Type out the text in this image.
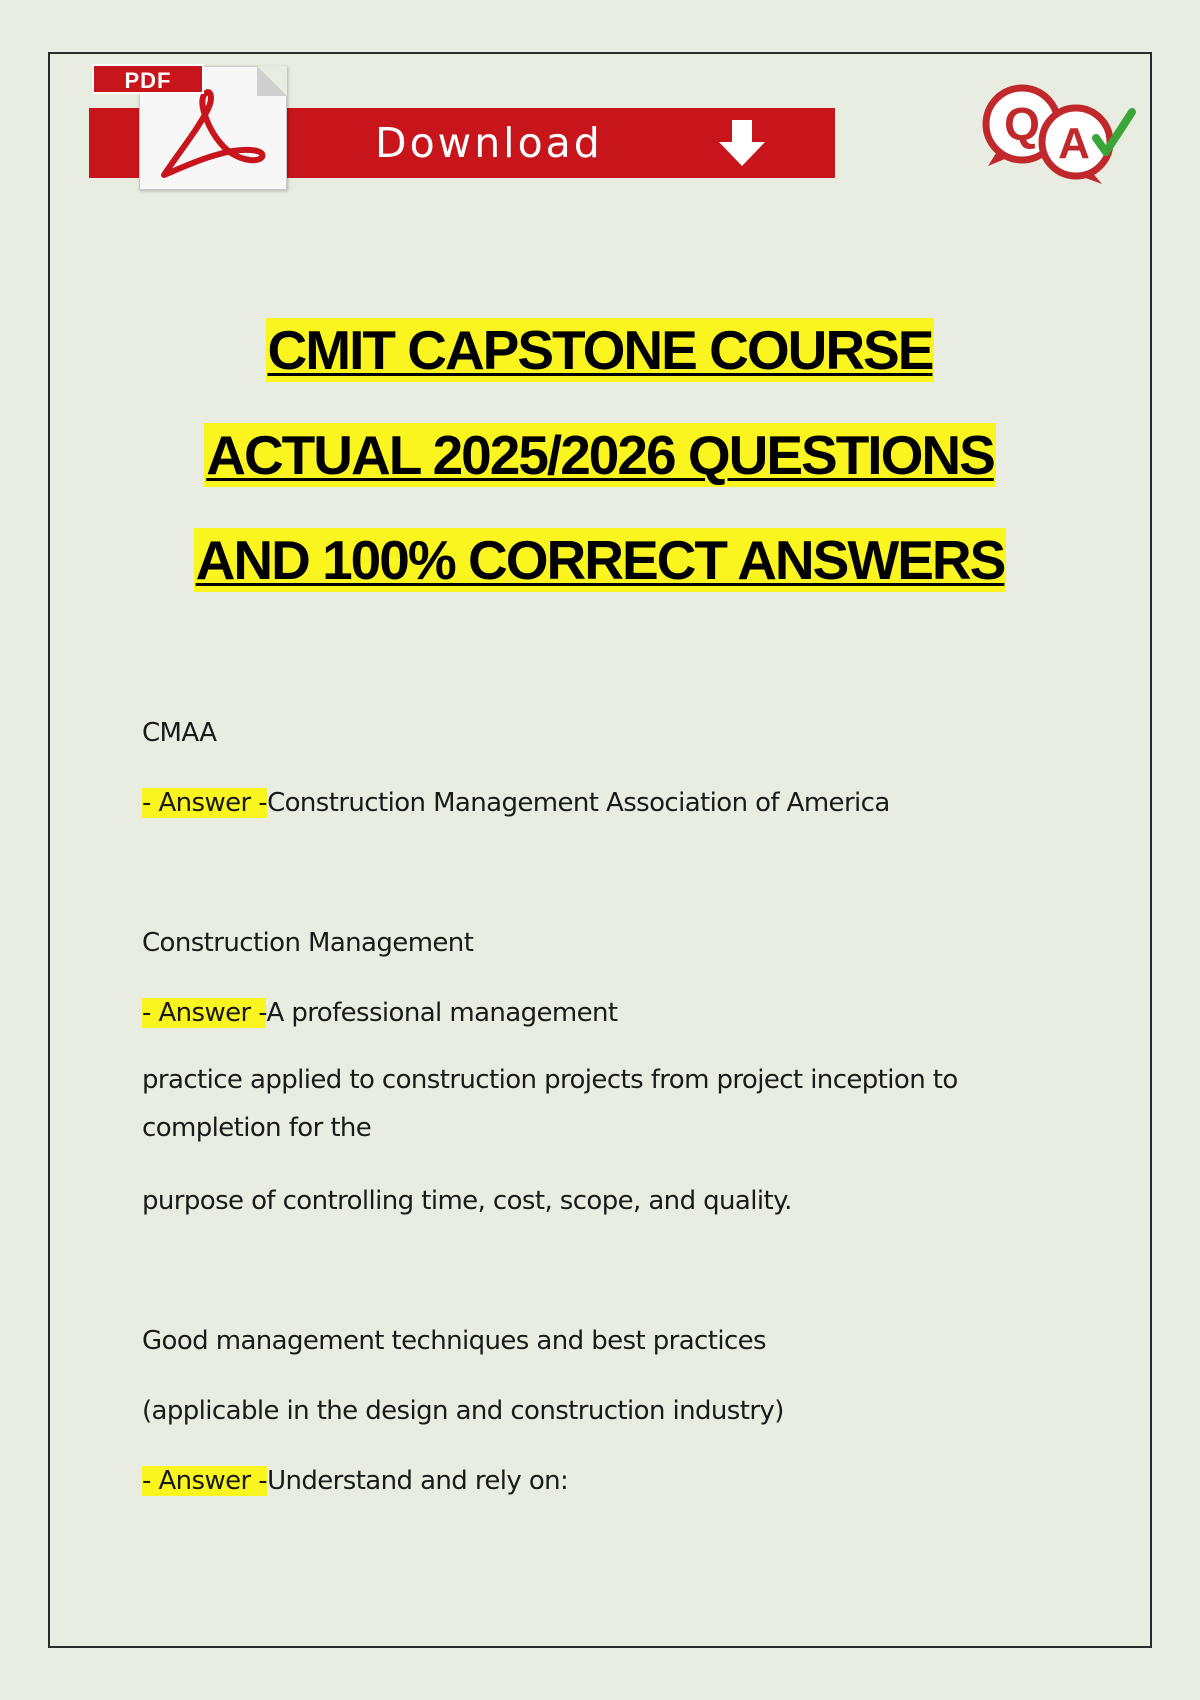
PDF
Download	Q A
CMIT CAPSTONE COURSE
ACTUAL 2025/2026 QUESTIONS
AND 100% CORRECT ANSWERS
CMAA
- Answer -Construction Management Association of America
Construction Management
- Answer -A professional management
practice applied to construction projects from project inception to completion for the
purpose of controlling time, cost, scope, and quality.
Good management techniques and best practices
(applicable in the design and construction industry)
- Answer -Understand and rely on:
